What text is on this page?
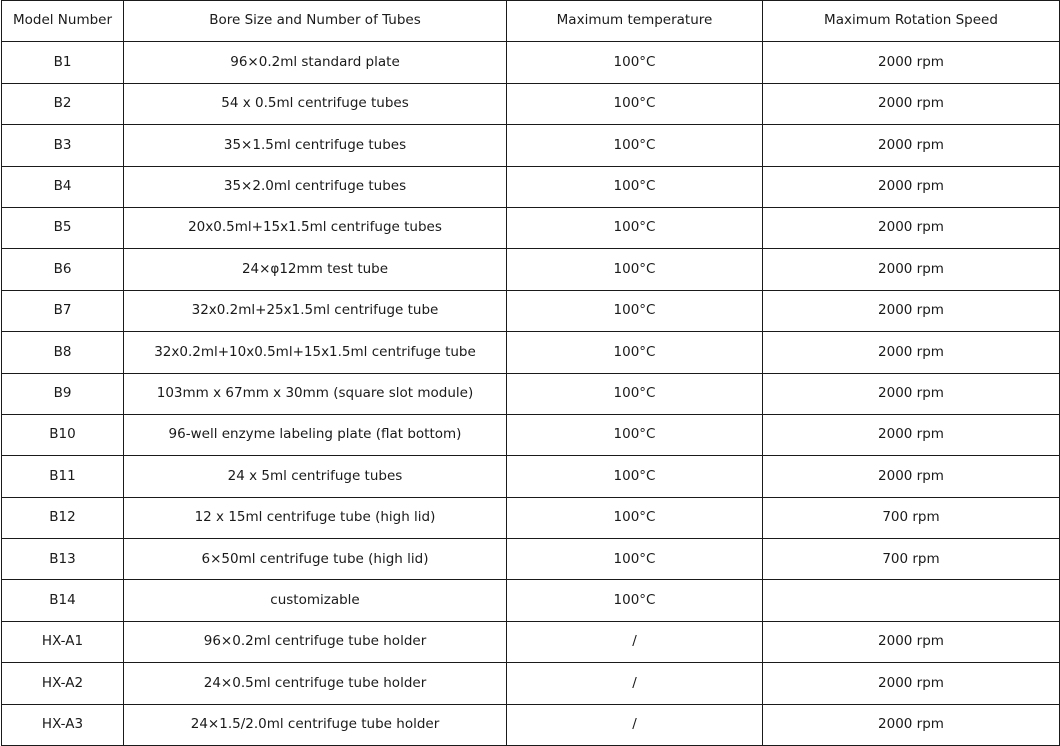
Model Number	Bore Size and Number of Tubes	Maximum temperature	Maximum Rotation Speed
B1	96×0.2ml standard plate	100°C	2000 rpm
B2	54 x 0.5ml centrifuge tubes	100°C	2000 rpm
B3	35×1.5ml centrifuge tubes	100°C	2000 rpm
B4	35×2.0ml centrifuge tubes	100°C	2000 rpm
B5	20x0.5ml+15x1.5ml centrifuge tubes	100°C	2000 rpm
B6	24×φ12mm test tube	100°C	2000 rpm
B7	32x0.2ml+25x1.5ml centrifuge tube	100°C	2000 rpm
B8	32x0.2ml+10x0.5ml+15x1.5ml centrifuge tube	100°C	2000 rpm
B9	103mm x 67mm x 30mm (square slot module)	100°C	2000 rpm
B10	96-well enzyme labeling plate (flat bottom)	100°C	2000 rpm
B11	24 x 5ml centrifuge tubes	100°C	2000 rpm
B12	12 x 15ml centrifuge tube (high lid)	100°C	700 rpm
B13	6×50ml centrifuge tube (high lid)	100°C	700 rpm
B14	customizable	100°C	
HX-A1	96×0.2ml centrifuge tube holder	/	2000 rpm
HX-A2	24×0.5ml centrifuge tube holder	/	2000 rpm
HX-A3	24×1.5/2.0ml centrifuge tube holder	/	2000 rpm
